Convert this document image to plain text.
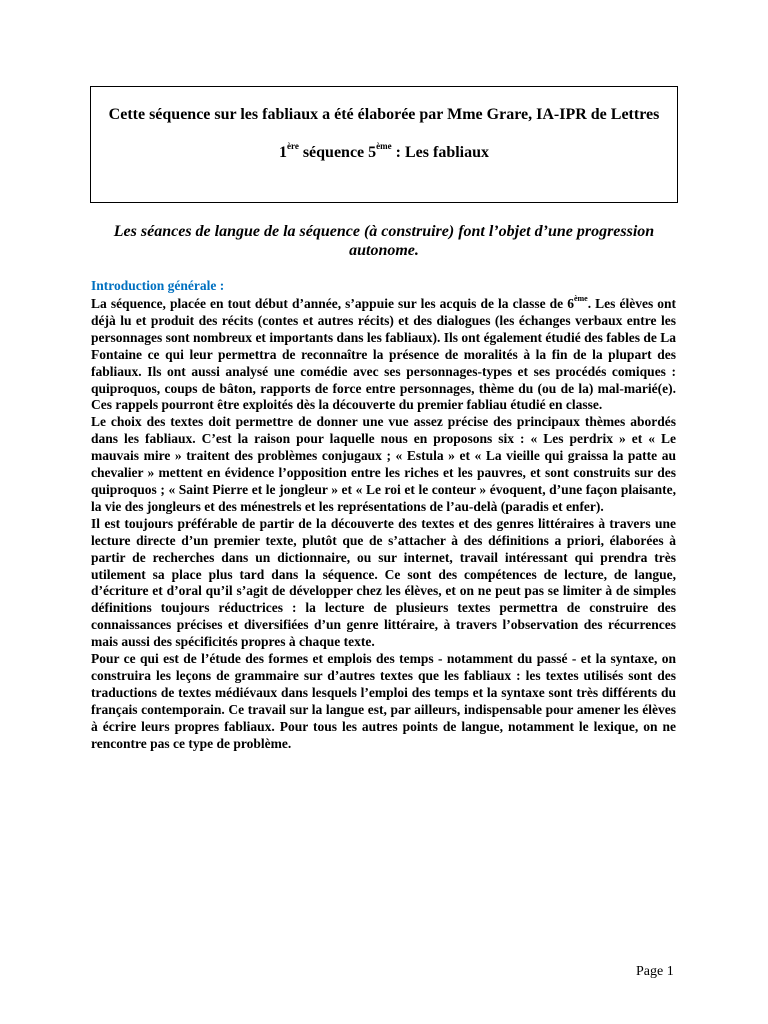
Cette séquence sur les fabliaux a été élaborée par Mme Grare, IA-IPR de Lettres
1ère séquence 5ème : Les fabliaux
Les séances de langue de la séquence (à construire) font l’objet d’une progression autonome.
Introduction générale :

La séquence, placée en tout début d’année, s’appuie sur les acquis de la classe de 6ème. Les élèves ont déjà lu et produit des récits (contes et autres récits) et des dialogues (les échanges verbaux entre les personnages sont nombreux et importants dans les fabliaux). Ils ont également étudié des fables de La Fontaine ce qui leur permettra de reconnaître la présence de moralités à la fin de la plupart des fabliaux. Ils ont aussi analysé une comédie avec ses personnages-types et ses procédés comiques : quiproquos, coups de bâton, rapports de force entre personnages, thème du (ou de la) mal-marié(e). Ces rappels pourront être exploités dès la découverte du premier fabliau étudié en classe.

Le choix des textes doit permettre de donner une vue assez précise des principaux thèmes abordés dans les fabliaux. C’est la raison pour laquelle nous en proposons six : « Les perdrix » et « Le mauvais mire » traitent des problèmes conjugaux ; « Estula » et « La vieille qui graissa la patte au chevalier » mettent en évidence l’opposition entre les riches et les pauvres, et sont construits sur des quiproquos ; « Saint Pierre et le jongleur » et « Le roi et le conteur » évoquent, d’une façon plaisante, la vie des jongleurs et des ménestrels et les représentations de l’au-delà (paradis et enfer).

Il est toujours préférable de partir de la découverte des textes et des genres littéraires à travers une lecture directe d’un premier texte, plutôt que de s’attacher à des définitions a priori, élaborées à partir de recherches dans un dictionnaire, ou sur internet, travail intéressant qui prendra très utilement sa place plus tard dans la séquence. Ce sont des compétences de lecture, de langue, d’écriture et d’oral qu’il s’agit de développer chez les élèves, et on ne peut pas se limiter à de simples définitions toujours réductrices : la lecture de plusieurs textes permettra de construire des connaissances précises et diversifiées d’un genre littéraire, à travers l’observation des récurrences mais aussi des spécificités propres à chaque texte.

Pour ce qui est de l’étude des formes et emplois des temps - notamment du passé - et la syntaxe, on construira les leçons de grammaire sur d’autres textes que les fabliaux : les textes utilisés sont des traductions de textes médiévaux dans lesquels l’emploi des temps et la syntaxe sont très différents du français contemporain. Ce travail sur la langue est, par ailleurs, indispensable pour amener les élèves à écrire leurs propres fabliaux. Pour tous les autres points de langue, notamment le lexique, on ne rencontre pas ce type de problème.

Page 1
